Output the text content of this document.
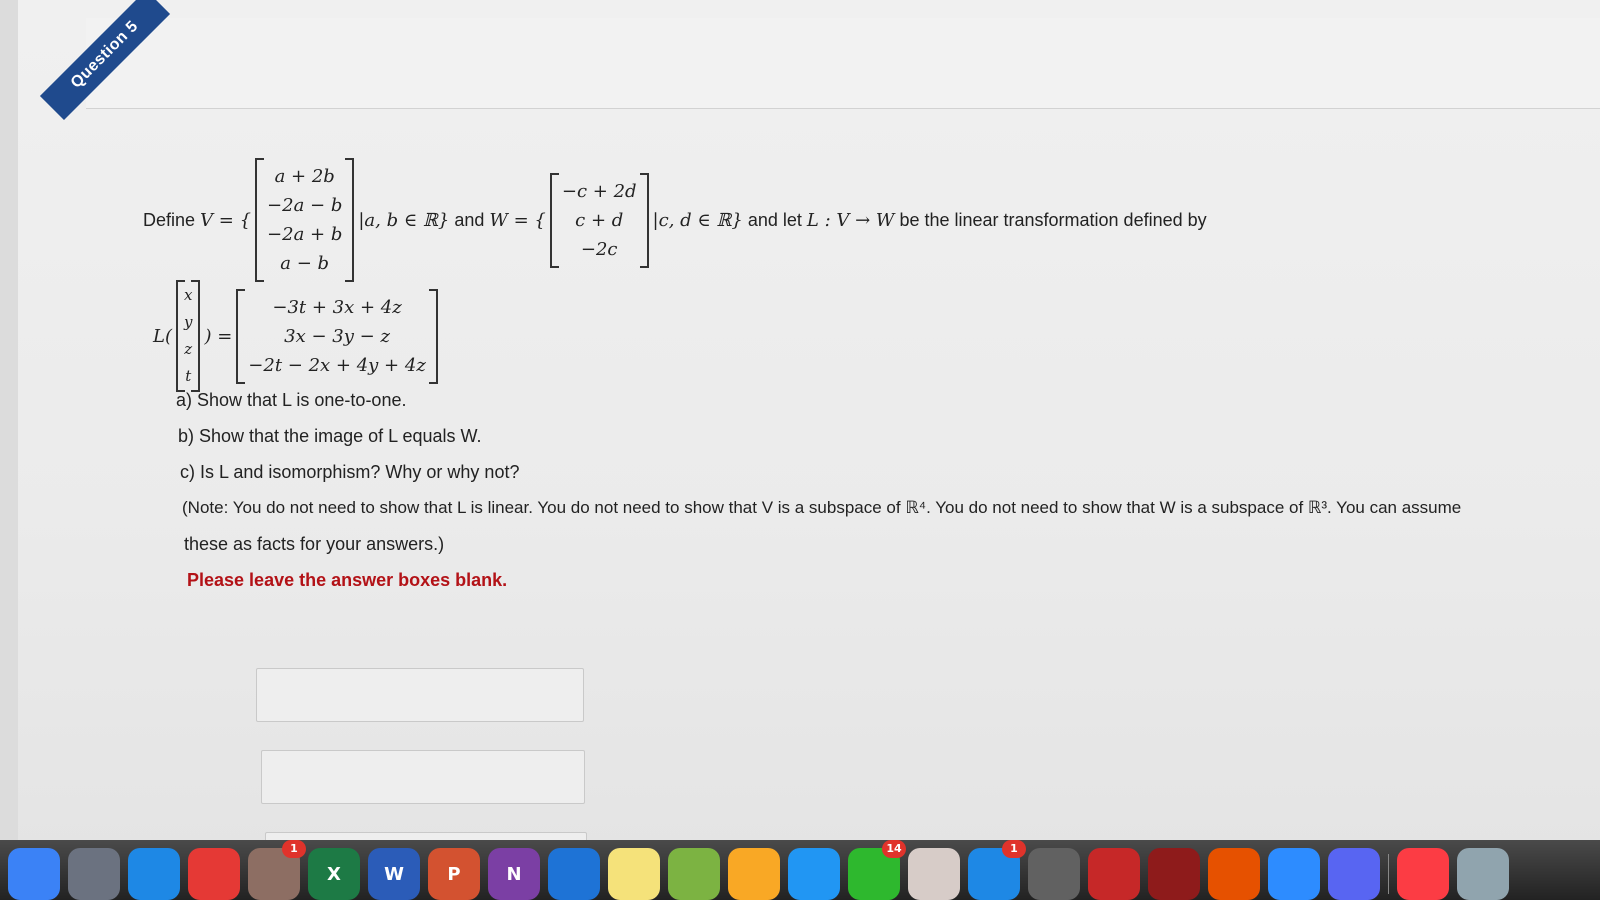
Question 5
Define
V = {
a + 2b
−2a − b
−2a + b
a − b
|a, b ∈ ℝ}
and
W = {
−c + 2d
c + d
−2c
|c, d ∈ ℝ}
and let
L : V → W
be the linear transformation defined by
L(
x
y
z
t
) =
−3t + 3x + 4z
3x − 3y − z
−2t − 2x + 4y + 4z
a) Show that L is one-to-one.
b) Show that the image of L equals W.
c) Is L and isomorphism? Why or why not?
(Note: You do not need to show that L is linear. You do not need to show that V is a subspace of ℝ⁴. You do not need to show that W is a subspace of ℝ³. You can assume
these as facts for your answers.)
Please leave the answer boxes blank.
1
X W P	N
14	1
